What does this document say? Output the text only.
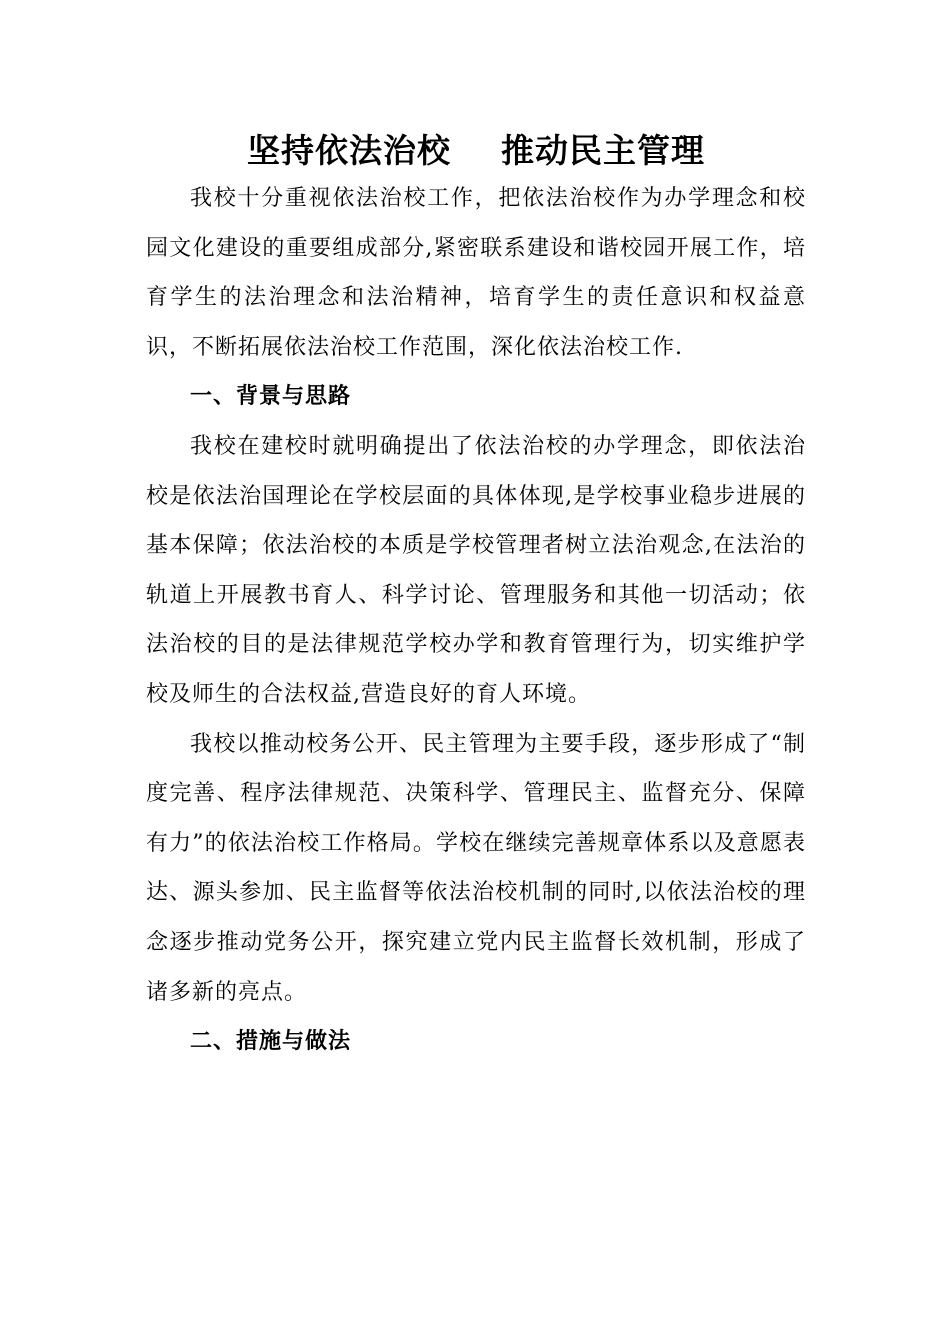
坚持依法治校    推动民主管理

我校十分重视依法治校工作，把依法治校作为办学理念和校园文化建设的重要组成部分,紧密联系建设和谐校园开展工作，培育学生的法治理念和法治精神，培育学生的责任意识和权益意识，不断拓展依法治校工作范围，深化依法治校工作.

一、背景与思路

我校在建校时就明确提出了依法治校的办学理念，即依法治校是依法治国理论在学校层面的具体体现,是学校事业稳步进展的基本保障；依法治校的本质是学校管理者树立法治观念,在法治的轨道上开展教书育人、科学讨论、管理服务和其他一切活动；依法治校的目的是法律规范学校办学和教育管理行为，切实维护学校及师生的合法权益,营造良好的育人环境。

我校以推动校务公开、民主管理为主要手段，逐步形成了“制度完善、程序法律规范、决策科学、管理民主、监督充分、保障有力”的依法治校工作格局。学校在继续完善规章体系以及意愿表达、源头参加、民主监督等依法治校机制的同时,以依法治校的理念逐步推动党务公开，探究建立党内民主监督长效机制，形成了诸多新的亮点。

二、措施与做法
